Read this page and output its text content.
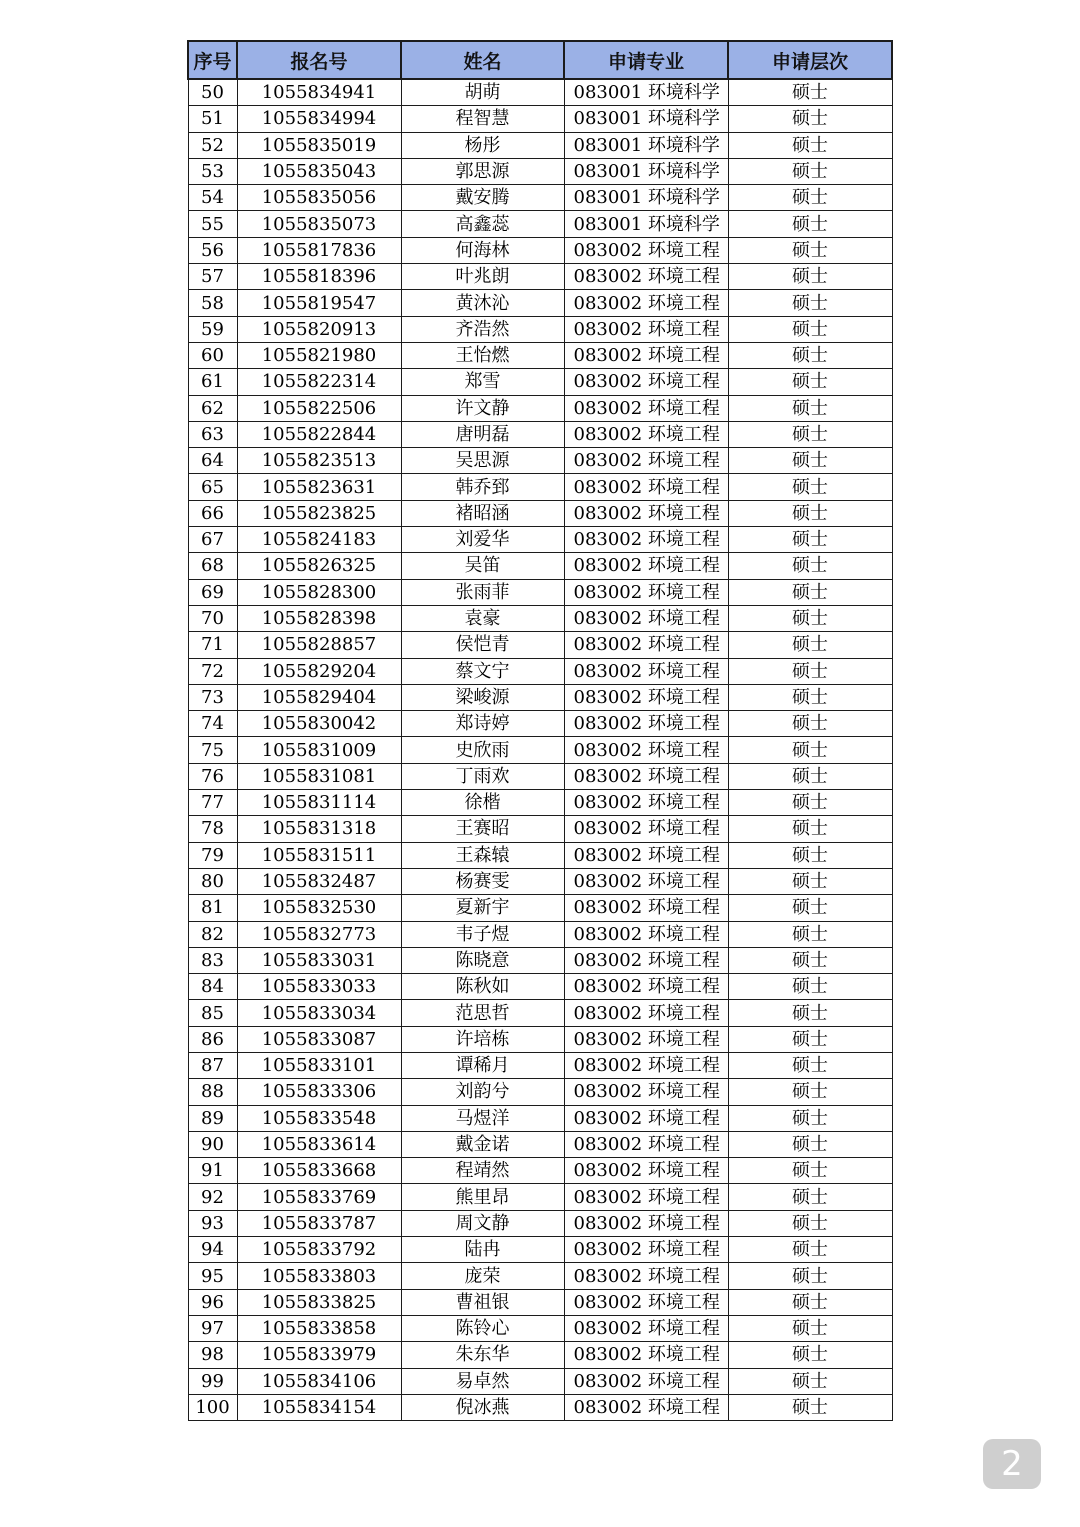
序号	报名号	姓名	申请专业	申请层次
50	1055834941	胡萌	083001 环境科学	硕士
51	1055834994	程智慧	083001 环境科学	硕士
52	1055835019	杨彤	083001 环境科学	硕士
53	1055835043	郭思源	083001 环境科学	硕士
54	1055835056	戴安腾	083001 环境科学	硕士
55	1055835073	高鑫蕊	083001 环境科学	硕士
56	1055817836	何海林	083002 环境工程	硕士
57	1055818396	叶兆朗	083002 环境工程	硕士
58	1055819547	黄沐沁	083002 环境工程	硕士
59	1055820913	齐浩然	083002 环境工程	硕士
60	1055821980	王怡燃	083002 环境工程	硕士
61	1055822314	郑雪	083002 环境工程	硕士
62	1055822506	许文静	083002 环境工程	硕士
63	1055822844	唐明磊	083002 环境工程	硕士
64	1055823513	吴思源	083002 环境工程	硕士
65	1055823631	韩乔郅	083002 环境工程	硕士
66	1055823825	褚昭涵	083002 环境工程	硕士
67	1055824183	刘爱华	083002 环境工程	硕士
68	1055826325	吴笛	083002 环境工程	硕士
69	1055828300	张雨菲	083002 环境工程	硕士
70	1055828398	袁豪	083002 环境工程	硕士
71	1055828857	侯恺青	083002 环境工程	硕士
72	1055829204	蔡文宁	083002 环境工程	硕士
73	1055829404	梁峻源	083002 环境工程	硕士
74	1055830042	郑诗婷	083002 环境工程	硕士
75	1055831009	史欣雨	083002 环境工程	硕士
76	1055831081	丁雨欢	083002 环境工程	硕士
77	1055831114	徐楷	083002 环境工程	硕士
78	1055831318	王赛昭	083002 环境工程	硕士
79	1055831511	王森辕	083002 环境工程	硕士
80	1055832487	杨赛雯	083002 环境工程	硕士
81	1055832530	夏新宇	083002 环境工程	硕士
82	1055832773	韦子煜	083002 环境工程	硕士
83	1055833031	陈晓意	083002 环境工程	硕士
84	1055833033	陈秋如	083002 环境工程	硕士
85	1055833034	范思哲	083002 环境工程	硕士
86	1055833087	许培栋	083002 环境工程	硕士
87	1055833101	谭稀月	083002 环境工程	硕士
88	1055833306	刘韵兮	083002 环境工程	硕士
89	1055833548	马煜洋	083002 环境工程	硕士
90	1055833614	戴金诺	083002 环境工程	硕士
91	1055833668	程靖然	083002 环境工程	硕士
92	1055833769	熊里昂	083002 环境工程	硕士
93	1055833787	周文静	083002 环境工程	硕士
94	1055833792	陆冉	083002 环境工程	硕士
95	1055833803	庞荣	083002 环境工程	硕士
96	1055833825	曹祖银	083002 环境工程	硕士
97	1055833858	陈铃心	083002 环境工程	硕士
98	1055833979	朱东华	083002 环境工程	硕士
99	1055834106	易卓然	083002 环境工程	硕士
100	1055834154	倪冰燕	083002 环境工程	硕士
2
